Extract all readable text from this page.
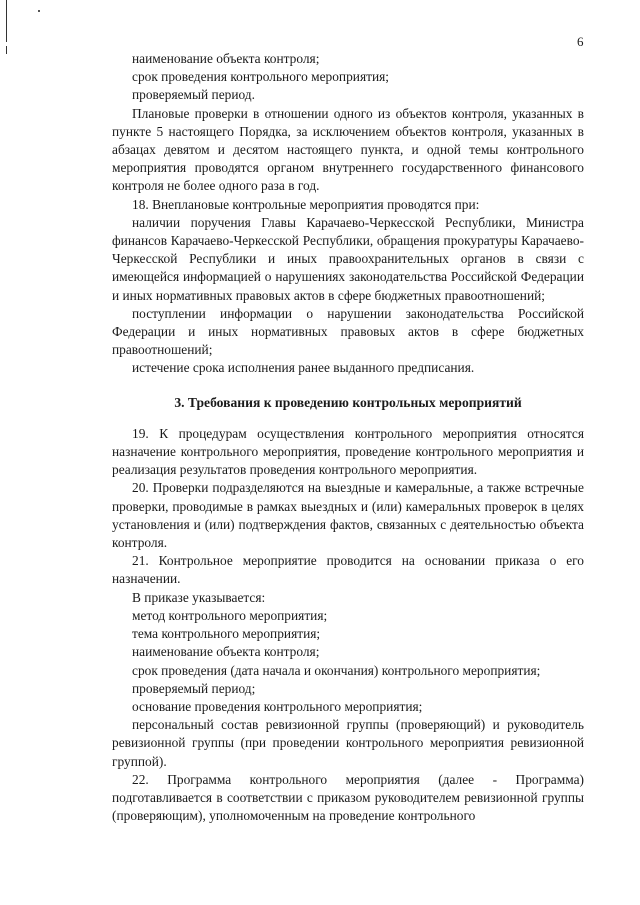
6

наименование объекта контроля;

срок проведения контрольного мероприятия;

проверяемый период.

Плановые проверки в отношении одного из объектов контроля, указанных в пункте 5 настоящего Порядка, за исключением объектов контроля, указанных в абзацах девятом и десятом настоящего пункта, и одной темы контрольного мероприятия проводятся органом внутреннего государственного финансового контроля не более одного раза в год.

18. Внеплановые контрольные мероприятия проводятся при:

наличии поручения Главы Карачаево-Черкесской Республики, Министра финансов Карачаево-Черкесской Республики, обращения прокуратуры Карачаево-Черкесской Республики и иных правоохранительных органов в связи с имеющейся информацией о нарушениях законодательства Российской Федерации и иных нормативных правовых актов в сфере бюджетных правоотношений;

поступлении информации о нарушении законодательства Российской Федерации и иных нормативных правовых актов в сфере бюджетных правоотношений;

истечение срока исполнения ранее выданного предписания.

3. Требования к проведению контрольных мероприятий

19. К процедурам осуществления контрольного мероприятия относятся назначение контрольного мероприятия, проведение контрольного мероприятия и реализация результатов проведения контрольного мероприятия.

20. Проверки подразделяются на выездные и камеральные, а также встречные проверки, проводимые в рамках выездных и (или) камеральных проверок в целях установления и (или) подтверждения фактов, связанных с деятельностью объекта контроля.

21. Контрольное мероприятие проводится на основании приказа о его назначении.

В приказе указывается:

метод контрольного мероприятия;

тема контрольного мероприятия;

наименование объекта контроля;

срок проведения (дата начала и окончания) контрольного мероприятия;

проверяемый период;

основание проведения контрольного мероприятия;

персональный состав ревизионной группы (проверяющий) и руководитель ревизионной группы (при проведении контрольного мероприятия ревизионной группой).

22. Программа контрольного мероприятия (далее - Программа) подготавливается в соответствии с приказом руководителем ревизионной группы (проверяющим), уполномоченным на проведение контрольного
